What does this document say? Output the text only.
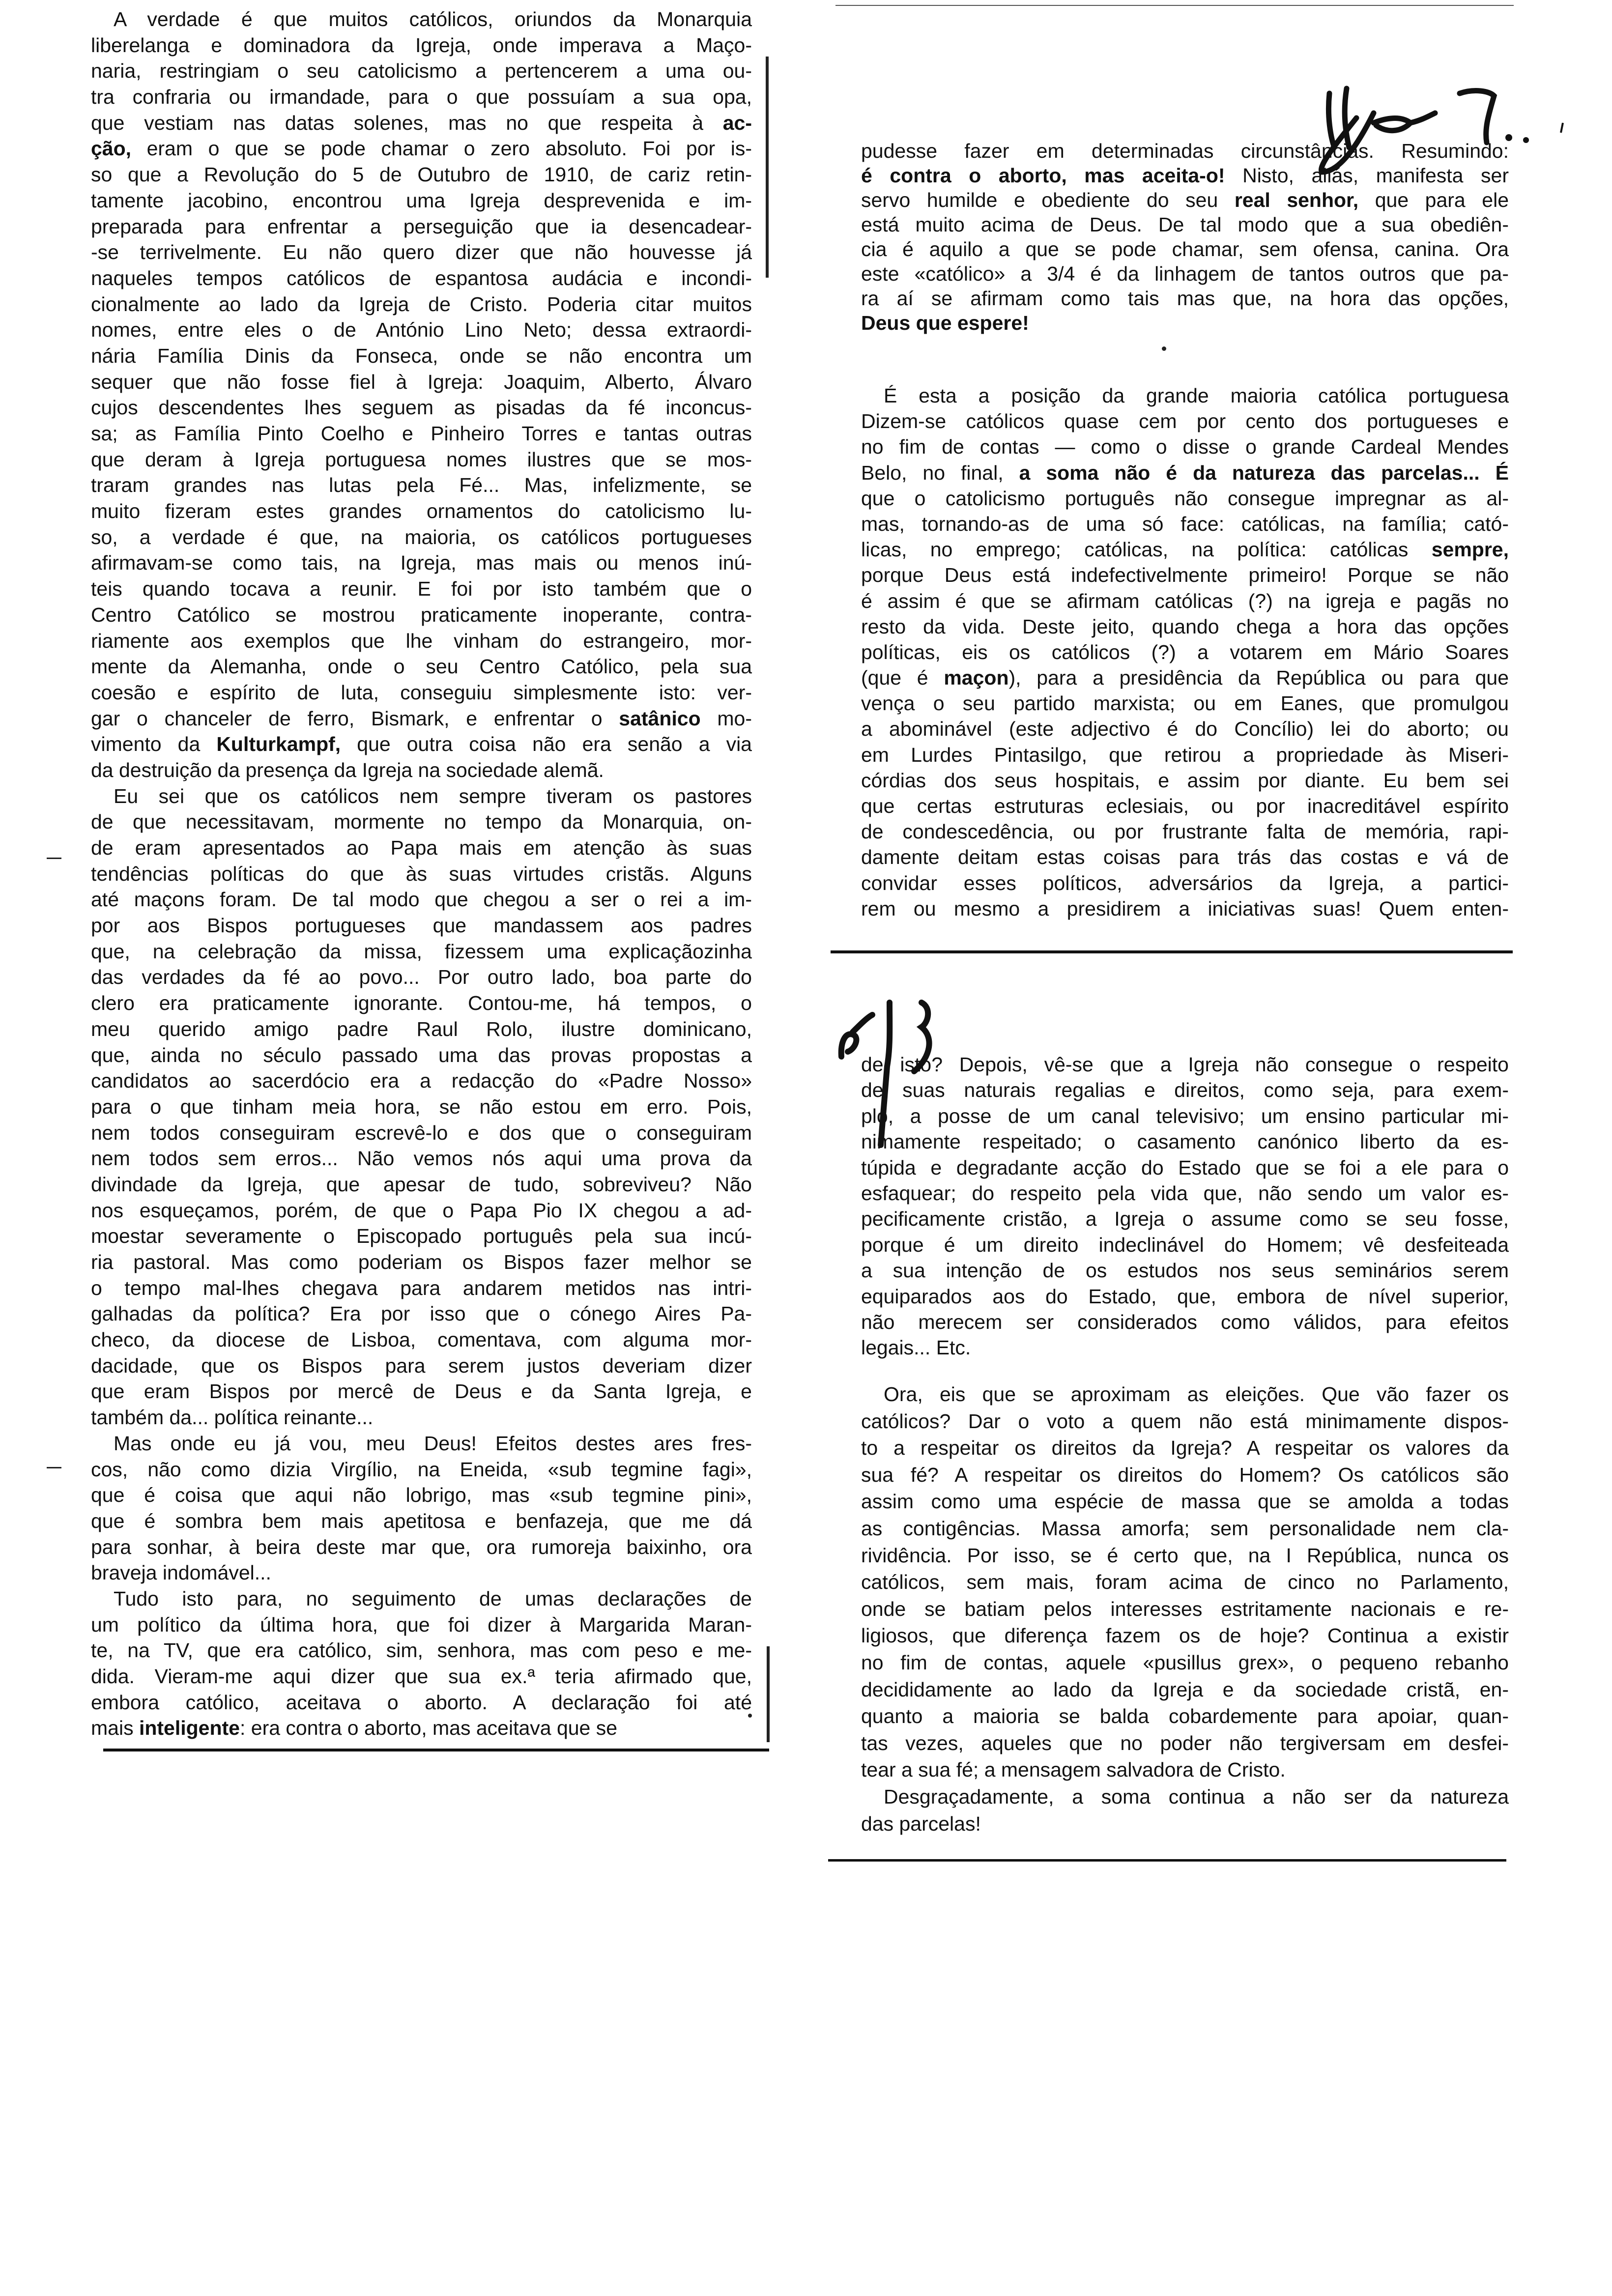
A verdade é que muitos católicos, oriundos da Monarquia
liberelanga e dominadora da Igreja, onde imperava a Maço-
naria, restringiam o seu catolicismo a pertencerem a uma ou-
tra confraria ou irmandade, para o que possuíam a sua opa,
que vestiam nas datas solenes, mas no que respeita à ac-
ção, eram o que se pode chamar o zero absoluto. Foi por is-
so que a Revolução do 5 de Outubro de 1910, de cariz retin-
tamente jacobino, encontrou uma Igreja desprevenida e im-
preparada para enfrentar a perseguição que ia desencadear-
-se terrivelmente. Eu não quero dizer que não houvesse já
naqueles tempos católicos de espantosa audácia e incondi-
cionalmente ao lado da Igreja de Cristo. Poderia citar muitos
nomes, entre eles o de António Lino Neto; dessa extraordi-
nária Família Dinis da Fonseca, onde se não encontra um
sequer que não fosse fiel à Igreja: Joaquim, Alberto, Álvaro
cujos descendentes lhes seguem as pisadas da fé inconcus-
sa; as Família Pinto Coelho e Pinheiro Torres e tantas outras
que deram à Igreja portuguesa nomes ilustres que se mos-
traram grandes nas lutas pela Fé... Mas, infelizmente, se
muito fizeram estes grandes ornamentos do catolicismo lu-
so, a verdade é que, na maioria, os católicos portugueses
afirmavam-se como tais, na Igreja, mas mais ou menos inú-
teis quando tocava a reunir. E foi por isto também que o
Centro Católico se mostrou praticamente inoperante, contra-
riamente aos exemplos que lhe vinham do estrangeiro, mor-
mente da Alemanha, onde o seu Centro Católico, pela sua
coesão e espírito de luta, conseguiu simplesmente isto: ver-
gar o chanceler de ferro, Bismark, e enfrentar o satânico mo-
vimento da Kulturkampf, que outra coisa não era senão a via
da destruição da presença da Igreja na sociedade alemã.
Eu sei que os católicos nem sempre tiveram os pastores
de que necessitavam, mormente no tempo da Monarquia, on-
de eram apresentados ao Papa mais em atenção às suas
tendências políticas do que às suas virtudes cristãs. Alguns
até maçons foram. De tal modo que chegou a ser o rei a im-
por aos Bispos portugueses que mandassem aos padres
que, na celebração da missa, fizessem uma explicaçãozinha
das verdades da fé ao povo... Por outro lado, boa parte do
clero era praticamente ignorante. Contou-me, há tempos, o
meu querido amigo padre Raul Rolo, ilustre dominicano,
que, ainda no século passado uma das provas propostas a
candidatos ao sacerdócio era a redacção do «Padre Nosso»
para o que tinham meia hora, se não estou em erro. Pois,
nem todos conseguiram escrevê-lo e dos que o conseguiram
nem todos sem erros... Não vemos nós aqui uma prova da
divindade da Igreja, que apesar de tudo, sobreviveu? Não
nos esqueçamos, porém, de que o Papa Pio IX chegou a ad-
moestar severamente o Episcopado português pela sua incú-
ria pastoral. Mas como poderiam os Bispos fazer melhor se
o tempo mal-lhes chegava para andarem metidos nas intri-
galhadas da política? Era por isso que o cónego Aires Pa-
checo, da diocese de Lisboa, comentava, com alguma mor-
dacidade, que os Bispos para serem justos deveriam dizer
que eram Bispos por mercê de Deus e da Santa Igreja, e
também da... política reinante...
Mas onde eu já vou, meu Deus! Efeitos destes ares fres-
cos, não como dizia Virgílio, na Eneida, «sub tegmine fagi»,
que é coisa que aqui não lobrigo, mas «sub tegmine pini»,
que é sombra bem mais apetitosa e benfazeja, que me dá
para sonhar, à beira deste mar que, ora rumoreja baixinho, ora
braveja indomável...
Tudo isto para, no seguimento de umas declarações de
um político da última hora, que foi dizer à Margarida Maran-
te, na TV, que era católico, sim, senhora, mas com peso e me-
dida. Vieram-me aqui dizer que sua ex.ª teria afirmado que,
embora católico, aceitava o aborto. A declaração foi até
mais inteligente: era contra o aborto, mas aceitava que se
pudesse fazer em determinadas circunstâncias. Resumindo:
é contra o aborto, mas aceita-o! Nisto, aliás, manifesta ser
servo humilde e obediente do seu real senhor, que para ele
está muito acima de Deus. De tal modo que a sua obediên-
cia é aquilo a que se pode chamar, sem ofensa, canina. Ora
este «católico» a 3/4 é da linhagem de tantos outros que pa-
ra aí se afirmam como tais mas que, na hora das opções,
Deus que espere!
É esta a posição da grande maioria católica portuguesa
Dizem-se católicos quase cem por cento dos portugueses e
no fim de contas — como o disse o grande Cardeal Mendes
Belo, no final, a soma não é da natureza das parcelas... É
que o catolicismo português não consegue impregnar as al-
mas, tornando-as de uma só face: católicas, na família; cató-
licas, no emprego; católicas, na política: católicas sempre,
porque Deus está indefectivelmente primeiro! Porque se não
é assim é que se afirmam católicas (?) na igreja e pagãs no
resto da vida. Deste jeito, quando chega a hora das opções
políticas, eis os católicos (?) a votarem em Mário Soares
(que é maçon), para a presidência da República ou para que
vença o seu partido marxista; ou em Eanes, que promulgou
a abominável (este adjectivo é do Concílio) lei do aborto; ou
em Lurdes Pintasilgo, que retirou a propriedade às Miseri-
córdias dos seus hospitais, e assim por diante. Eu bem sei
que certas estruturas eclesiais, ou por inacreditável espírito
de condescedência, ou por frustrante falta de memória, rapi-
damente deitam estas coisas para trás das costas e vá de
convidar esses políticos, adversários da Igreja, a partici-
rem ou mesmo a presidirem a iniciativas suas! Quem enten-
de isto? Depois, vê-se que a Igreja não consegue o respeito
de suas naturais regalias e direitos, como seja, para exem-
plo, a posse de um canal televisivo; um ensino particular mi-
nimamente respeitado; o casamento canónico liberto da es-
túpida e degradante acção do Estado que se foi a ele para o
esfaquear; do respeito pela vida que, não sendo um valor es-
pecificamente cristão, a Igreja o assume como se seu fosse,
porque é um direito indeclinável do Homem; vê desfeiteada
a sua intenção de os estudos nos seus seminários serem
equiparados aos do Estado, que, embora de nível superior,
não merecem ser considerados como válidos, para efeitos
legais... Etc.
Ora, eis que se aproximam as eleições. Que vão fazer os
católicos? Dar o voto a quem não está minimamente dispos-
to a respeitar os direitos da Igreja? A respeitar os valores da
sua fé? A respeitar os direitos do Homem? Os católicos são
assim como uma espécie de massa que se amolda a todas
as contigências. Massa amorfa; sem personalidade nem cla-
rividência. Por isso, se é certo que, na I República, nunca os
católicos, sem mais, foram acima de cinco no Parlamento,
onde se batiam pelos interesses estritamente nacionais e re-
ligiosos, que diferença fazem os de hoje? Continua a existir
no fim de contas, aquele «pusillus grex», o pequeno rebanho
decididamente ao lado da Igreja e da sociedade cristã, en-
quanto a maioria se balda cobardemente para apoiar, quan-
tas vezes, aqueles que no poder não tergiversam em desfei-
tear a sua fé; a mensagem salvadora de Cristo.
Desgraçadamente, a soma continua a não ser da natureza
das parcelas!
